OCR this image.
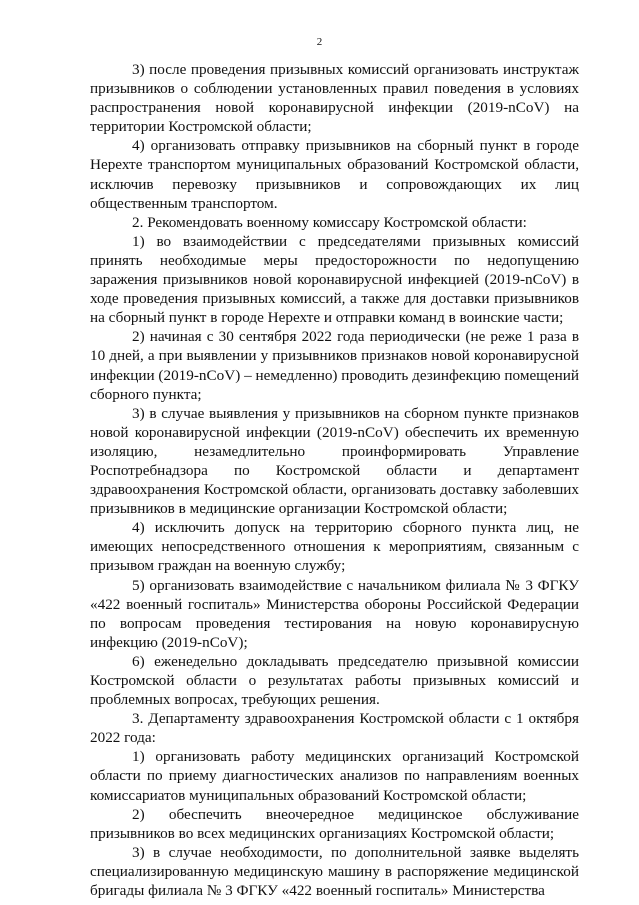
2

3) после проведения призывных комиссий организовать инструктаж призывников о соблюдении установленных правил поведения в условиях распространения новой коронавирусной инфекции (2019-nCoV) на территории Костромской области;

4) организовать отправку призывников на сборный пункт в городе Нерехте транспортом муниципальных образований Костромской области, исключив перевозку призывников и сопровождающих их лиц общественным транспортом.

2. Рекомендовать военному комиссару Костромской области:

1) во взаимодействии с председателями призывных комиссий принять необходимые меры предосторожности по недопущению заражения призывников новой коронавирусной инфекцией (2019-nCoV) в ходе проведения призывных комиссий, а также для доставки призывников на сборный пункт в городе Нерехте и отправки команд в воинские части;

2) начиная с 30 сентября 2022 года периодически (не реже 1 раза в 10 дней, а при выявлении у призывников признаков новой коронавирусной инфекции (2019-nCoV) – немедленно) проводить дезинфекцию помещений сборного пункта;

3) в случае выявления у призывников на сборном пункте признаков новой коронавирусной инфекции (2019-nCoV) обеспечить их временную изоляцию, незамедлительно проинформировать Управление Роспотребнадзора по Костромской области и департамент здравоохранения Костромской области, организовать доставку заболевших призывников в медицинские организации Костромской области;

4) исключить допуск на территорию сборного пункта лиц, не имеющих непосредственного отношения к мероприятиям, связанным с призывом граждан на военную службу;

5) организовать взаимодействие с начальником филиала № 3 ФГКУ «422 военный госпиталь» Министерства обороны Российской Федерации по вопросам проведения тестирования на новую коронавирусную инфекцию (2019-nCoV);

6) еженедельно докладывать председателю призывной комиссии Костромской области о результатах работы призывных комиссий и проблемных вопросах, требующих решения.

3. Департаменту здравоохранения Костромской области с 1 октября 2022 года:

1) организовать работу медицинских организаций Костромской области по приему диагностических анализов по направлениям военных комиссариатов муниципальных образований Костромской области;

2) обеспечить внеочередное медицинское обслуживание призывников во всех медицинских организациях Костромской области;

3) в случае необходимости, по дополнительной заявке выделять специализированную медицинскую машину в распоряжение медицинской бригады филиала № 3 ФГКУ «422 военный госпиталь» Министерства
